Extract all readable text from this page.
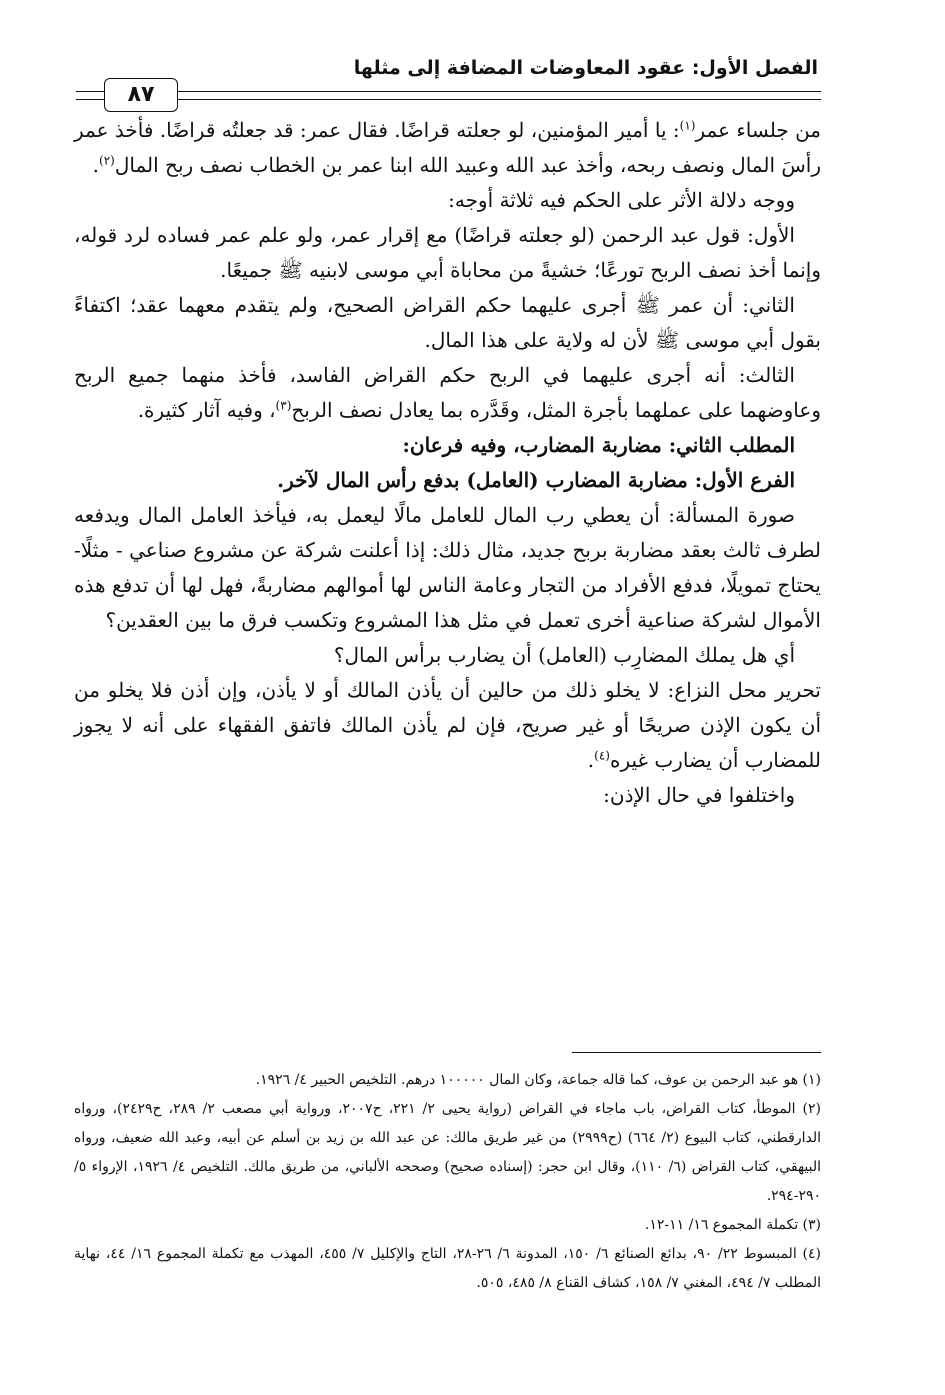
الفصل الأول: عقود المعاوضات المضافة إلى مثلها
٨٧

من جلساء عمر$^{(١)}$: يا أمير المؤمنين، لو جعلته قراضًا. فقال عمر: قد جعلتُه قراضًا. فأخذ عمر رأسَ المال ونصف ربحه، وأخذ عبد الله وعبيد الله ابنا عمر بن الخطاب نصف ربح المال$^{(٢)}$.

ووجه دلالة الأثر على الحكم فيه ثلاثة أوجه:

الأول: قول عبد الرحمن (لو جعلته قراضًا) مع إقرار عمر، ولو علم عمر فساده لرد قوله، وإنما أخذ نصف الربح تورعًا؛ خشيةً من محاباة أبي موسى لابنيه ﷺ جميعًا.

الثاني: أن عمر ﷺ أجرى عليهما حكم القراض الصحيح، ولم يتقدم معهما عقد؛ اكتفاءً بقول أبي موسى ﷺ لأن له ولاية على هذا المال.

الثالث: أنه أجرى عليهما في الربح حكم القراض الفاسد، فأخذ منهما جميع الربح وعاوضهما على عملهما بأجرة المثل، وقَدَّره بما يعادل نصف الربح$^{(٣)}$، وفيه آثار كثيرة.

المطلب الثاني: مضاربة المضارب، وفيه فرعان:

الفرع الأول: مضاربة المضارب (العامل) بدفع رأس المال لآخر.

صورة المسألة: أن يعطي رب المال للعامل مالًا ليعمل به، فيأخذ العامل المال ويدفعه لطرف ثالث بعقد مضاربة بربح جديد، مثال ذلك: إذا أعلنت شركة عن مشروع صناعي - مثلًا- يحتاج تمويلًا، فدفع الأفراد من التجار وعامة الناس لها أموالهم مضاربةً، فهل لها أن تدفع هذه الأموال لشركة صناعية أخرى تعمل في مثل هذا المشروع وتكسب فرق ما بين العقدين؟

أي هل يملك المضارِب (العامل) أن يضارب برأس المال؟

تحرير محل النزاع: لا يخلو ذلك من حالين أن يأذن المالك أو لا يأذن، وإن أذن فلا يخلو من أن يكون الإذن صريحًا أو غير صريح، فإن لم يأذن المالك فاتفق الفقهاء على أنه لا يجوز للمضارب أن يضارب غيره$^{(٤)}$.

واختلفوا في حال الإذن:

(١) هو عبد الرحمن بن عوف، كما قاله جماعة، وكان المال ١٠٠٠٠٠ درهم. التلخيص الحبير ٤/ ١٩٢٦.

(٢) الموطأ، كتاب القراض، باب ماجاء في القراض (رواية يحيى ٢/ ٢٢١، ح٢٠٠٧، ورواية أبي مصعب ٢/ ٢٨٩، ح٢٤٢٩)، ورواه الدارقطني، كتاب البيوع (٢/ ٦٦٤) (ح٢٩٩٩) من غير طريق مالك: عن عبد الله بن زيد بن أسلم عن أبيه، وعبد الله ضعيف، ورواه البيهقي، كتاب القراض (٦/ ١١٠)، وقال ابن حجر: (إسناده صحيح) وصححه الألباني، من طريق مالك. التلخيص ٤/ ١٩٢٦، الإرواء ٥/ ٢٩٠-٢٩٤.

(٣) تكملة المجموع ١٦/ ١١-١٢.

(٤) المبسوط ٢٢/ ٩٠، بدائع الصنائع ٦/ ١٥٠، المدونة ٦/ ٢٦-٢٨، التاج والإكليل ٧/ ٤٥٥، المهذب مع تكملة المجموع ١٦/ ٤٤، نهاية المطلب ٧/ ٤٩٤، المغني ٧/ ١٥٨، كشاف القناع ٨/ ٤٨٥، ٥٠٥.
